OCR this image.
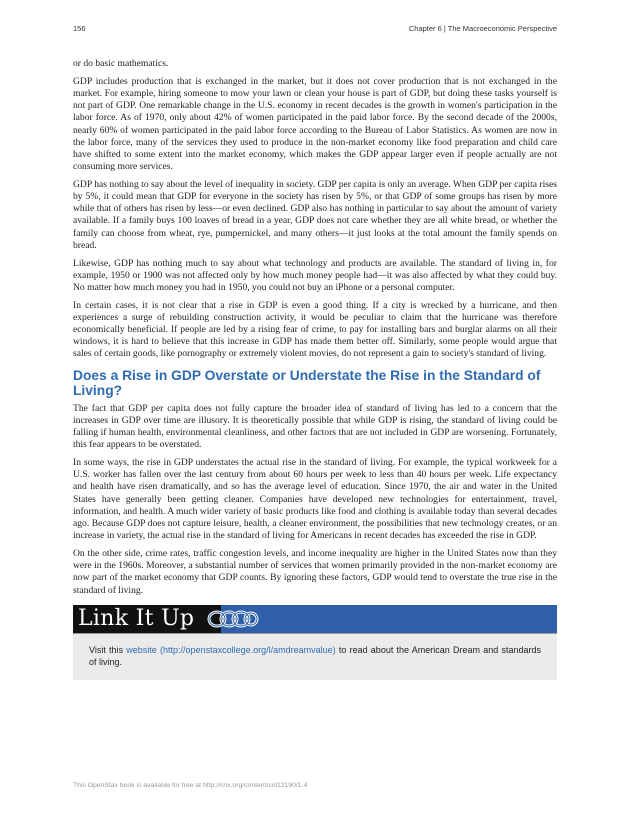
156	Chapter 6 | The Macroeconomic Perspective

or do basic mathematics.

GDP includes production that is exchanged in the market, but it does not cover production that is not exchanged in the market. For example, hiring someone to mow your lawn or clean your house is part of GDP, but doing these tasks yourself is not part of GDP. One remarkable change in the U.S. economy in recent decades is the growth in women's participation in the labor force. As of 1970, only about 42% of women participated in the paid labor force. By the second decade of the 2000s, nearly 60% of women participated in the paid labor force according to the Bureau of Labor Statistics. As women are now in the labor force, many of the services they used to produce in the non-market economy like food preparation and child care have shifted to some extent into the market economy, which makes the GDP appear larger even if people actually are not consuming more services.

GDP has nothing to say about the level of inequality in society. GDP per capita is only an average. When GDP per capita rises by 5%, it could mean that GDP for everyone in the society has risen by 5%, or that GDP of some groups has risen by more while that of others has risen by less—or even declined. GDP also has nothing in particular to say about the amount of variety available. If a family buys 100 loaves of bread in a year, GDP does not care whether they are all white bread, or whether the family can choose from wheat, rye, pumpernickel, and many others—it just looks at the total amount the family spends on bread.

Likewise, GDP has nothing much to say about what technology and products are available. The standard of living in, for example, 1950 or 1900 was not affected only by how much money people had—it was also affected by what they could buy. No matter how much money you had in 1950, you could not buy an iPhone or a personal computer.

In certain cases, it is not clear that a rise in GDP is even a good thing. If a city is wrecked by a hurricane, and then experiences a surge of rebuilding construction activity, it would be peculiar to claim that the hurricane was therefore economically beneficial. If people are led by a rising fear of crime, to pay for installing bars and burglar alarms on all their windows, it is hard to believe that this increase in GDP has made them better off. Similarly, some people would argue that sales of certain goods, like pornography or extremely violent movies, do not represent a gain to society's standard of living.

Does a Rise in GDP Overstate or Understate the Rise in the Standard of Living?

The fact that GDP per capita does not fully capture the broader idea of standard of living has led to a concern that the increases in GDP over time are illusory. It is theoretically possible that while GDP is rising, the standard of living could be falling if human health, environmental cleanliness, and other factors that are not included in GDP are worsening. Fortunately, this fear appears to be overstated.

In some ways, the rise in GDP understates the actual rise in the standard of living. For example, the typical workweek for a U.S. worker has fallen over the last century from about 60 hours per week to less than 40 hours per week. Life expectancy and health have risen dramatically, and so has the average level of education. Since 1970, the air and water in the United States have generally been getting cleaner. Companies have developed new technologies for entertainment, travel, information, and health. A much wider variety of basic products like food and clothing is available today than several decades ago. Because GDP does not capture leisure, health, a cleaner environment, the possibilities that new technology creates, or an increase in variety, the actual rise in the standard of living for Americans in recent decades has exceeded the rise in GDP.

On the other side, crime rates, traffic congestion levels, and income inequality are higher in the United States now than they were in the 1960s. Moreover, a substantial number of services that women primarily provided in the non-market economy are now part of the market economy that GDP counts. By ignoring these factors, GDP would tend to overstate the true rise in the standard of living.

Link It Up
Visit this website (http://openstaxcollege.org/l/amdreamvalue) to read about the American Dream and standards of living.
This OpenStax book is available for free at http://cnx.org/content/col12190/1.4
